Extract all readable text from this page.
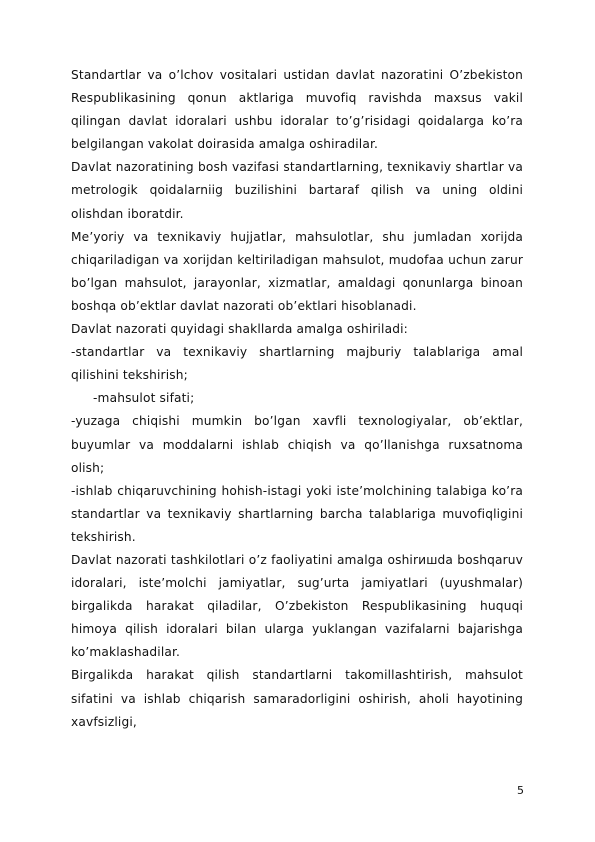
Standartlar va o’lchov vositalari ustidan davlat nazoratini O’zbekiston Respublikasining qonun aktlariga muvofiq ravishda maxsus vakil qilingan davlat idoralari ushbu idoralar to’g’risidagi qoidalarga ko’ra belgilangan vakolat doirasida amalga oshiradilar.

Davlat nazoratining bosh vazifasi standartlarning, texnikaviy shartlar va metrologik qoidalarniig buzilishini bartaraf qilish va uning oldini olishdan iboratdir.

Me’yoriy va texnikaviy hujjatlar, mahsulotlar, shu jumladan xorijda chiqariladigan va xorijdan keltiriladigan mahsulot, mudofaa uchun zarur bo’lgan mahsulot, jarayonlar, xizmatlar, amaldagi qonunlarga binoan boshqa ob’ektlar davlat nazorati ob’ektlari hisoblanadi.

Davlat nazorati quyidagi shakllarda amalga oshiriladi:

-standartlar va texnikaviy shartlarning majburiy talablariga amal qilishini tekshirish;

-mahsulot sifati;

-yuzaga chiqishi mumkin bo’lgan xavfli texnologiyalar, ob’ektlar, buyumlar va moddalarni ishlab chiqish va qo’llanishga ruxsatnoma olish;

-ishlab chiqaruvchining hohish-istagi yoki iste’molchining talabiga ko’ra standartlar va texnikaviy shartlarning barcha talablariga muvofiqligini tekshirish.

Davlat nazorati tashkilotlari o’z faoliyatini amalga oshirишda boshqaruv idoralari, iste’molchi jamiyatlar, sug’urta jamiyatlari (uyushmalar) birgalikda harakat qiladilar, O’zbekiston Respublikasining huquqi himoya qilish idoralari bilan ularga yuklangan vazifalarni bajarishga ko’maklashadilar.

Birgalikda harakat qilish standartlarni takomillashtirish, mahsulot sifatini va ishlab chiqarish samaradorligini oshirish, aholi hayotining xavfsizligi,

5
